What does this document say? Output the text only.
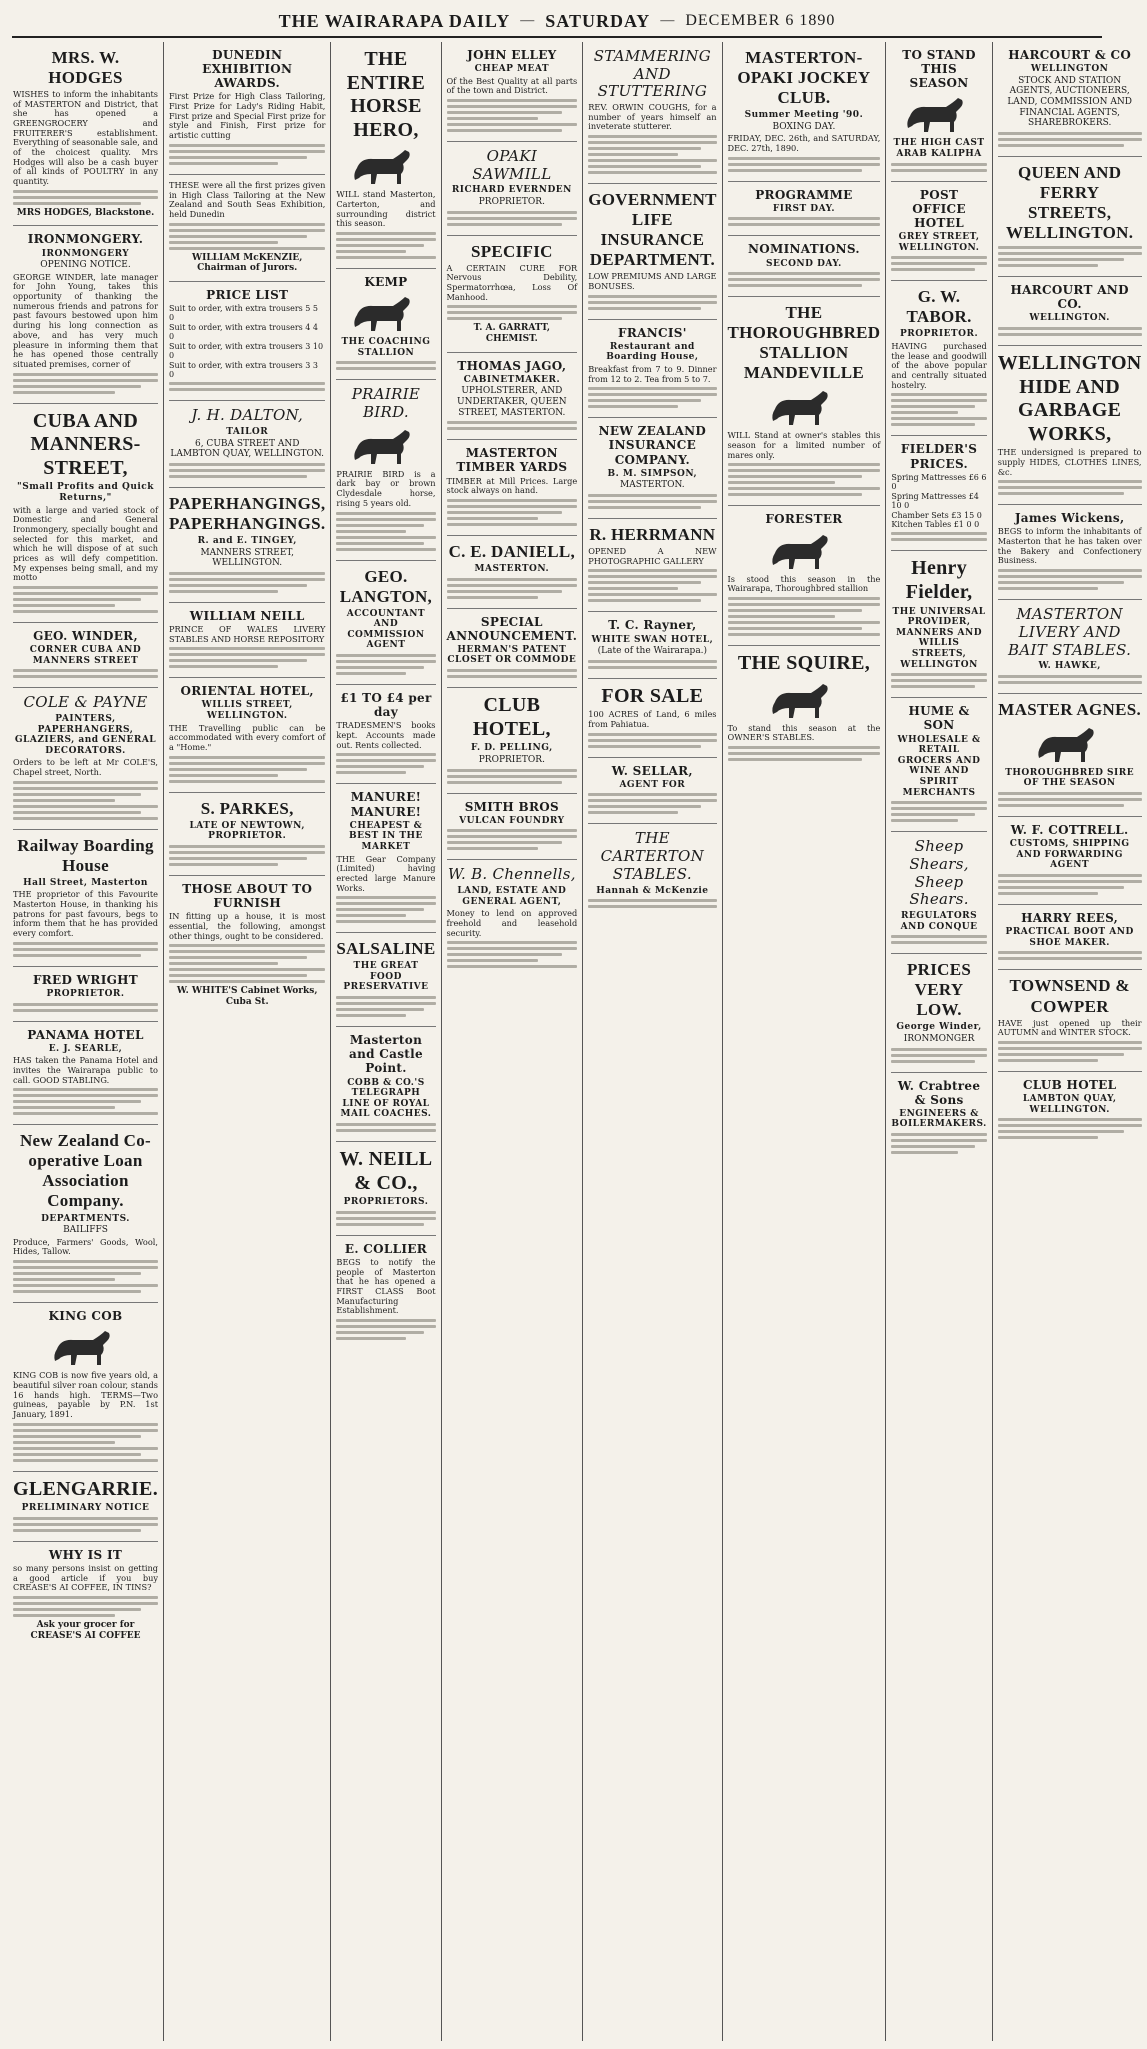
THE WAIRARAPA DAILY — SATURDAY — DECEMBER 6 1890
MRS. W. HODGES
WISHES to inform the inhabitants of MASTERTON and District, that she has opened a GREENGROCERY and FRUITERER'S establishment. Everything of seasonable sale, and of the choicest quality. Mrs Hodges will also be a cash buyer of all kinds of POULTRY in any quantity.
MRS HODGES, Blackstone.
IRONMONGERY.
IRONMONGERY
OPENING NOTICE.
GEORGE WINDER, late manager for John Young, takes this opportunity of thanking the numerous friends and patrons for past favours bestowed upon him during his long connection as above, and has very much pleasure in informing them that he has opened those centrally situated premises, corner of
CUBA AND MANNERS-STREET,
"Small Profits and Quick Returns,"
with a large and varied stock of Domestic and General Ironmongery, specially bought and selected for this market, and which he will dispose of at such prices as will defy competition. My expenses being small, and my motto
GEO. WINDER,
CORNER CUBA AND MANNERS STREET
COLE & PAYNE
PAINTERS, PAPERHANGERS, GLAZIERS, and GENERAL DECORATORS.
Orders to be left at Mr COLE'S, Chapel street, North.
Railway Boarding House
Hall Street, Masterton
THE proprietor of this Favourite Masterton House, in thanking his patrons for past favours, begs to inform them that he has provided every comfort.
FRED WRIGHT
PROPRIETOR.
PANAMA HOTEL
E. J. SEARLE,
HAS taken the Panama Hotel and invites the Wairarapa public to call. GOOD STABLING.
New Zealand Co-operative Loan Association Company.
DEPARTMENTS.
BAILIFFS
Produce, Farmers' Goods, Wool, Hides, Tallow.
KING COB
KING COB is now five years old, a beautiful silver roan colour, stands 16 hands high. TERMS—Two guineas, payable by P.N. 1st January, 1891.
GLENGARRIE.
PRELIMINARY NOTICE
WHY IS IT
so many persons insist on getting a good article if you buy CREASE'S AI COFFEE, IN TINS?
Ask your grocer for CREASE'S AI COFFEE
DUNEDIN EXHIBITION AWARDS.
First Prize for High Class Tailoring, First Prize for Lady's Riding Habit, First prize and Special First prize for style and Finish, First prize for artistic cutting
THESE were all the first prizes given in High Class Tailoring at the New Zealand and South Seas Exhibition, held Dunedin
WILLIAM McKENZIE, Chairman of Jurors.
PRICE LIST
Suit to order, with extra trousers 5 5 0
Suit to order, with extra trousers 4 4 0
Suit to order, with extra trousers 3 10 0
Suit to order, with extra trousers 3 3 0
J. H. DALTON,
TAILOR
6, CUBA STREET AND LAMBTON QUAY, WELLINGTON.
PAPERHANGINGS, PAPERHANGINGS.
R. and E. TINGEY,
MANNERS STREET, WELLINGTON.
WILLIAM NEILL
PRINCE OF WALES LIVERY STABLES AND HORSE REPOSITORY
ORIENTAL HOTEL,
WILLIS STREET, WELLINGTON.
THE Travelling public can be accommodated with every comfort of a "Home."
S. PARKES,
LATE OF NEWTOWN, PROPRIETOR.
THOSE ABOUT TO FURNISH
IN fitting up a house, it is most essential, the following, amongst other things, ought to be considered.
W. WHITE'S Cabinet Works, Cuba St.
THE ENTIRE HORSE HERO,
WILL stand Masterton, Carterton, and surrounding district this season.
KEMP
THE COACHING STALLION
PRAIRIE BIRD.
PRAIRIE BIRD is a dark bay or brown Clydesdale horse, rising 5 years old.
GEO. LANGTON,
ACCOUNTANT AND COMMISSION AGENT
£1 TO £4 per day
TRADESMEN'S books kept. Accounts made out. Rents collected.
MANURE! MANURE!
CHEAPEST & BEST IN THE MARKET
THE Gear Company (Limited) having erected large Manure Works.
SALSALINE
THE GREAT FOOD PRESERVATIVE
Masterton and Castle Point.
COBB & CO.'S TELEGRAPH LINE OF ROYAL MAIL COACHES.
W. NEILL & CO.,
PROPRIETORS.
E. COLLIER
BEGS to notify the people of Masterton that he has opened a FIRST CLASS Boot Manufacturing Establishment.
JOHN ELLEY
CHEAP MEAT
Of the Best Quality at all parts of the town and District.
OPAKI SAWMILL
RICHARD EVERNDEN
PROPRIETOR.
SPECIFIC
A CERTAIN CURE FOR Nervous Debility, Spermatorrhœa, Loss Of Manhood.
T. A. GARRATT, CHEMIST.
THOMAS JAGO,
CABINETMAKER.
UPHOLSTERER, AND UNDERTAKER, QUEEN STREET, MASTERTON.
MASTERTON TIMBER YARDS
TIMBER at Mill Prices. Large stock always on hand.
C. E. DANIELL,
MASTERTON.
SPECIAL ANNOUNCEMENT.
HERMAN'S PATENT CLOSET OR COMMODE
CLUB HOTEL,
F. D. PELLING,
PROPRIETOR.
SMITH BROS
VULCAN FOUNDRY
W. B. Chennells,
LAND, ESTATE AND GENERAL AGENT,
Money to lend on approved freehold and leasehold security.
STAMMERING AND STUTTERING
REV. ORWIN COUGHS, for a number of years himself an inveterate stutterer.
GOVERNMENT LIFE INSURANCE DEPARTMENT.
LOW PREMIUMS AND LARGE BONUSES.
FRANCIS'
Restaurant and Boarding House,
Breakfast from 7 to 9. Dinner from 12 to 2. Tea from 5 to 7.
NEW ZEALAND INSURANCE COMPANY.
B. M. SIMPSON,
MASTERTON.
R. HERRMANN
OPENED A NEW PHOTOGRAPHIC GALLERY
T. C. Rayner,
WHITE SWAN HOTEL,
(Late of the Wairarapa.)
FOR SALE
100 ACRES of Land, 6 miles from Pahiatua.
W. SELLAR,
AGENT FOR
THE CARTERTON STABLES.
Hannah & McKenzie
MASTERTON-OPAKI JOCKEY CLUB.
Summer Meeting '90.
BOXING DAY.
FRIDAY, DEC. 26th, and SATURDAY, DEC. 27th, 1890.
PROGRAMME
FIRST DAY.
NOMINATIONS.
SECOND DAY.
THE THOROUGHBRED STALLION MANDEVILLE
WILL Stand at owner's stables this season for a limited number of mares only.
FORESTER
Is stood this season in the Wairarapa, Thoroughbred stallion
THE SQUIRE,
To stand this season at the OWNER'S STABLES.
TO STAND THIS SEASON
THE HIGH CAST ARAB KALIPHA
POST OFFICE HOTEL
GREY STREET, WELLINGTON.
G. W. TABOR.
PROPRIETOR.
HAVING purchased the lease and goodwill of the above popular and centrally situated hostelry.
FIELDER'S PRICES.
Spring Mattresses £6 6 0
Spring Mattresses £4 10 0
Chamber Sets £3 15 0
Kitchen Tables £1 0 0
Henry Fielder,
THE UNIVERSAL PROVIDER, MANNERS AND WILLIS STREETS, WELLINGTON
HUME & SON
WHOLESALE & RETAIL GROCERS AND WINE AND SPIRIT MERCHANTS
Sheep Shears, Sheep Shears.
REGULATORS AND CONQUE
PRICES VERY LOW.
George Winder,
IRONMONGER
W. Crabtree & Sons
ENGINEERS & BOILERMAKERS.
HARCOURT & CO
WELLINGTON
STOCK AND STATION AGENTS, AUCTIONEERS, LAND, COMMISSION AND FINANCIAL AGENTS, SHAREBROKERS.
QUEEN AND FERRY STREETS, WELLINGTON.
HARCOURT AND CO.
WELLINGTON.
WELLINGTON HIDE AND GARBAGE WORKS,
THE undersigned is prepared to supply HIDES, CLOTHES LINES, &c.
James Wickens,
BEGS to inform the inhabitants of Masterton that he has taken over the Bakery and Confectionery Business.
MASTERTON LIVERY AND BAIT STABLES.
W. HAWKE,
MASTER AGNES.
THOROUGHBRED SIRE OF THE SEASON
W. F. COTTRELL.
CUSTOMS, SHIPPING AND FORWARDING AGENT
HARRY REES,
PRACTICAL BOOT AND SHOE MAKER.
TOWNSEND & COWPER
HAVE just opened up their AUTUMN and WINTER STOCK.
CLUB HOTEL
LAMBTON QUAY, WELLINGTON.
